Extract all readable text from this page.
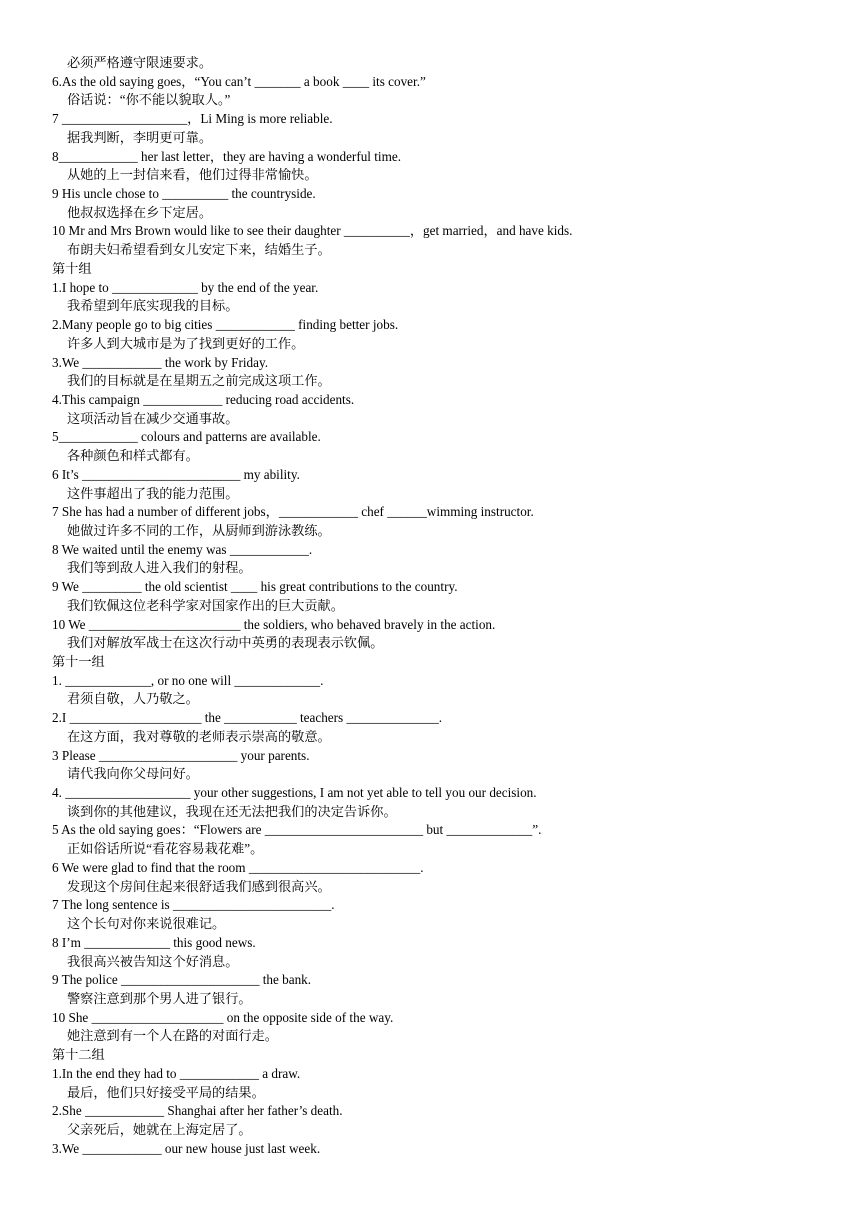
必须严格遵守限速要求。
6.As the old saying goes，“You can’t _______ a book ____ its cover.”
俗话说：“你不能以貌取人。”
7 ___________________，Li Ming is more reliable.
据我判断，李明更可靠。
8____________ her last letter，they are having a wonderful time.
从她的上一封信来看，他们过得非常愉快。
9 His uncle chose to __________ the countryside.
他叔叔选择在乡下定居。
10 Mr and Mrs Brown would like to see their daughter __________，get married，and have kids.
布朗夫妇希望看到女儿安定下来，结婚生子。
第十组
1.I hope to _____________ by the end of the year.
我希望到年底实现我的目标。
2.Many people go to big cities ____________ finding better jobs.
许多人到大城市是为了找到更好的工作。
3.We ____________ the work by Friday.
我们的目标就是在星期五之前完成这项工作。
4.This campaign ____________ reducing road accidents.
这项活动旨在减少交通事故。
5____________ colours and patterns are available.
各种颜色和样式都有。
6 It’s ________________________ my ability.
这件事超出了我的能力范围。
7 She has had a number of different jobs，____________ chef ______wimming instructor.
她做过许多不同的工作，从厨师到游泳教练。
8 We waited until the enemy was ____________.
我们等到敌人进入我们的射程。
9 We _________ the old scientist ____ his great contributions to the country.
我们钦佩这位老科学家对国家作出的巨大贡献。
10 We _______________________ the soldiers, who behaved bravely in the action.
我们对解放军战士在这次行动中英勇的表现表示钦佩。
第十一组
1. _____________, or no one will _____________.
君须自敬，人乃敬之。
2.I ____________________ the ___________ teachers ______________.
在这方面，我对尊敬的老师表示崇高的敬意。
3 Please _____________________ your parents.
请代我向你父母问好。
4. ___________________ your other suggestions, I am not yet able to tell you our decision.
谈到你的其他建议，我现在还无法把我们的决定告诉你。
5 As the old saying goes：“Flowers are ________________________ but _____________”.
正如俗话所说“看花容易栽花难”。
6 We were glad to find that the room __________________________.
发现这个房间住起来很舒适我们感到很高兴。
7 The long sentence is ________________________.
这个长句对你来说很难记。
8 I’m _____________ this good news.
我很高兴被告知这个好消息。
9 The police _____________________ the bank.
警察注意到那个男人进了银行。
10 She ____________________ on the opposite side of the way.
她注意到有一个人在路的对面行走。
第十二组
1.In the end they had to ____________ a draw.
最后，他们只好接受平局的结果。
2.She ____________ Shanghai after her father’s death.
父亲死后，她就在上海定居了。
3.We ____________ our new house just last week.
